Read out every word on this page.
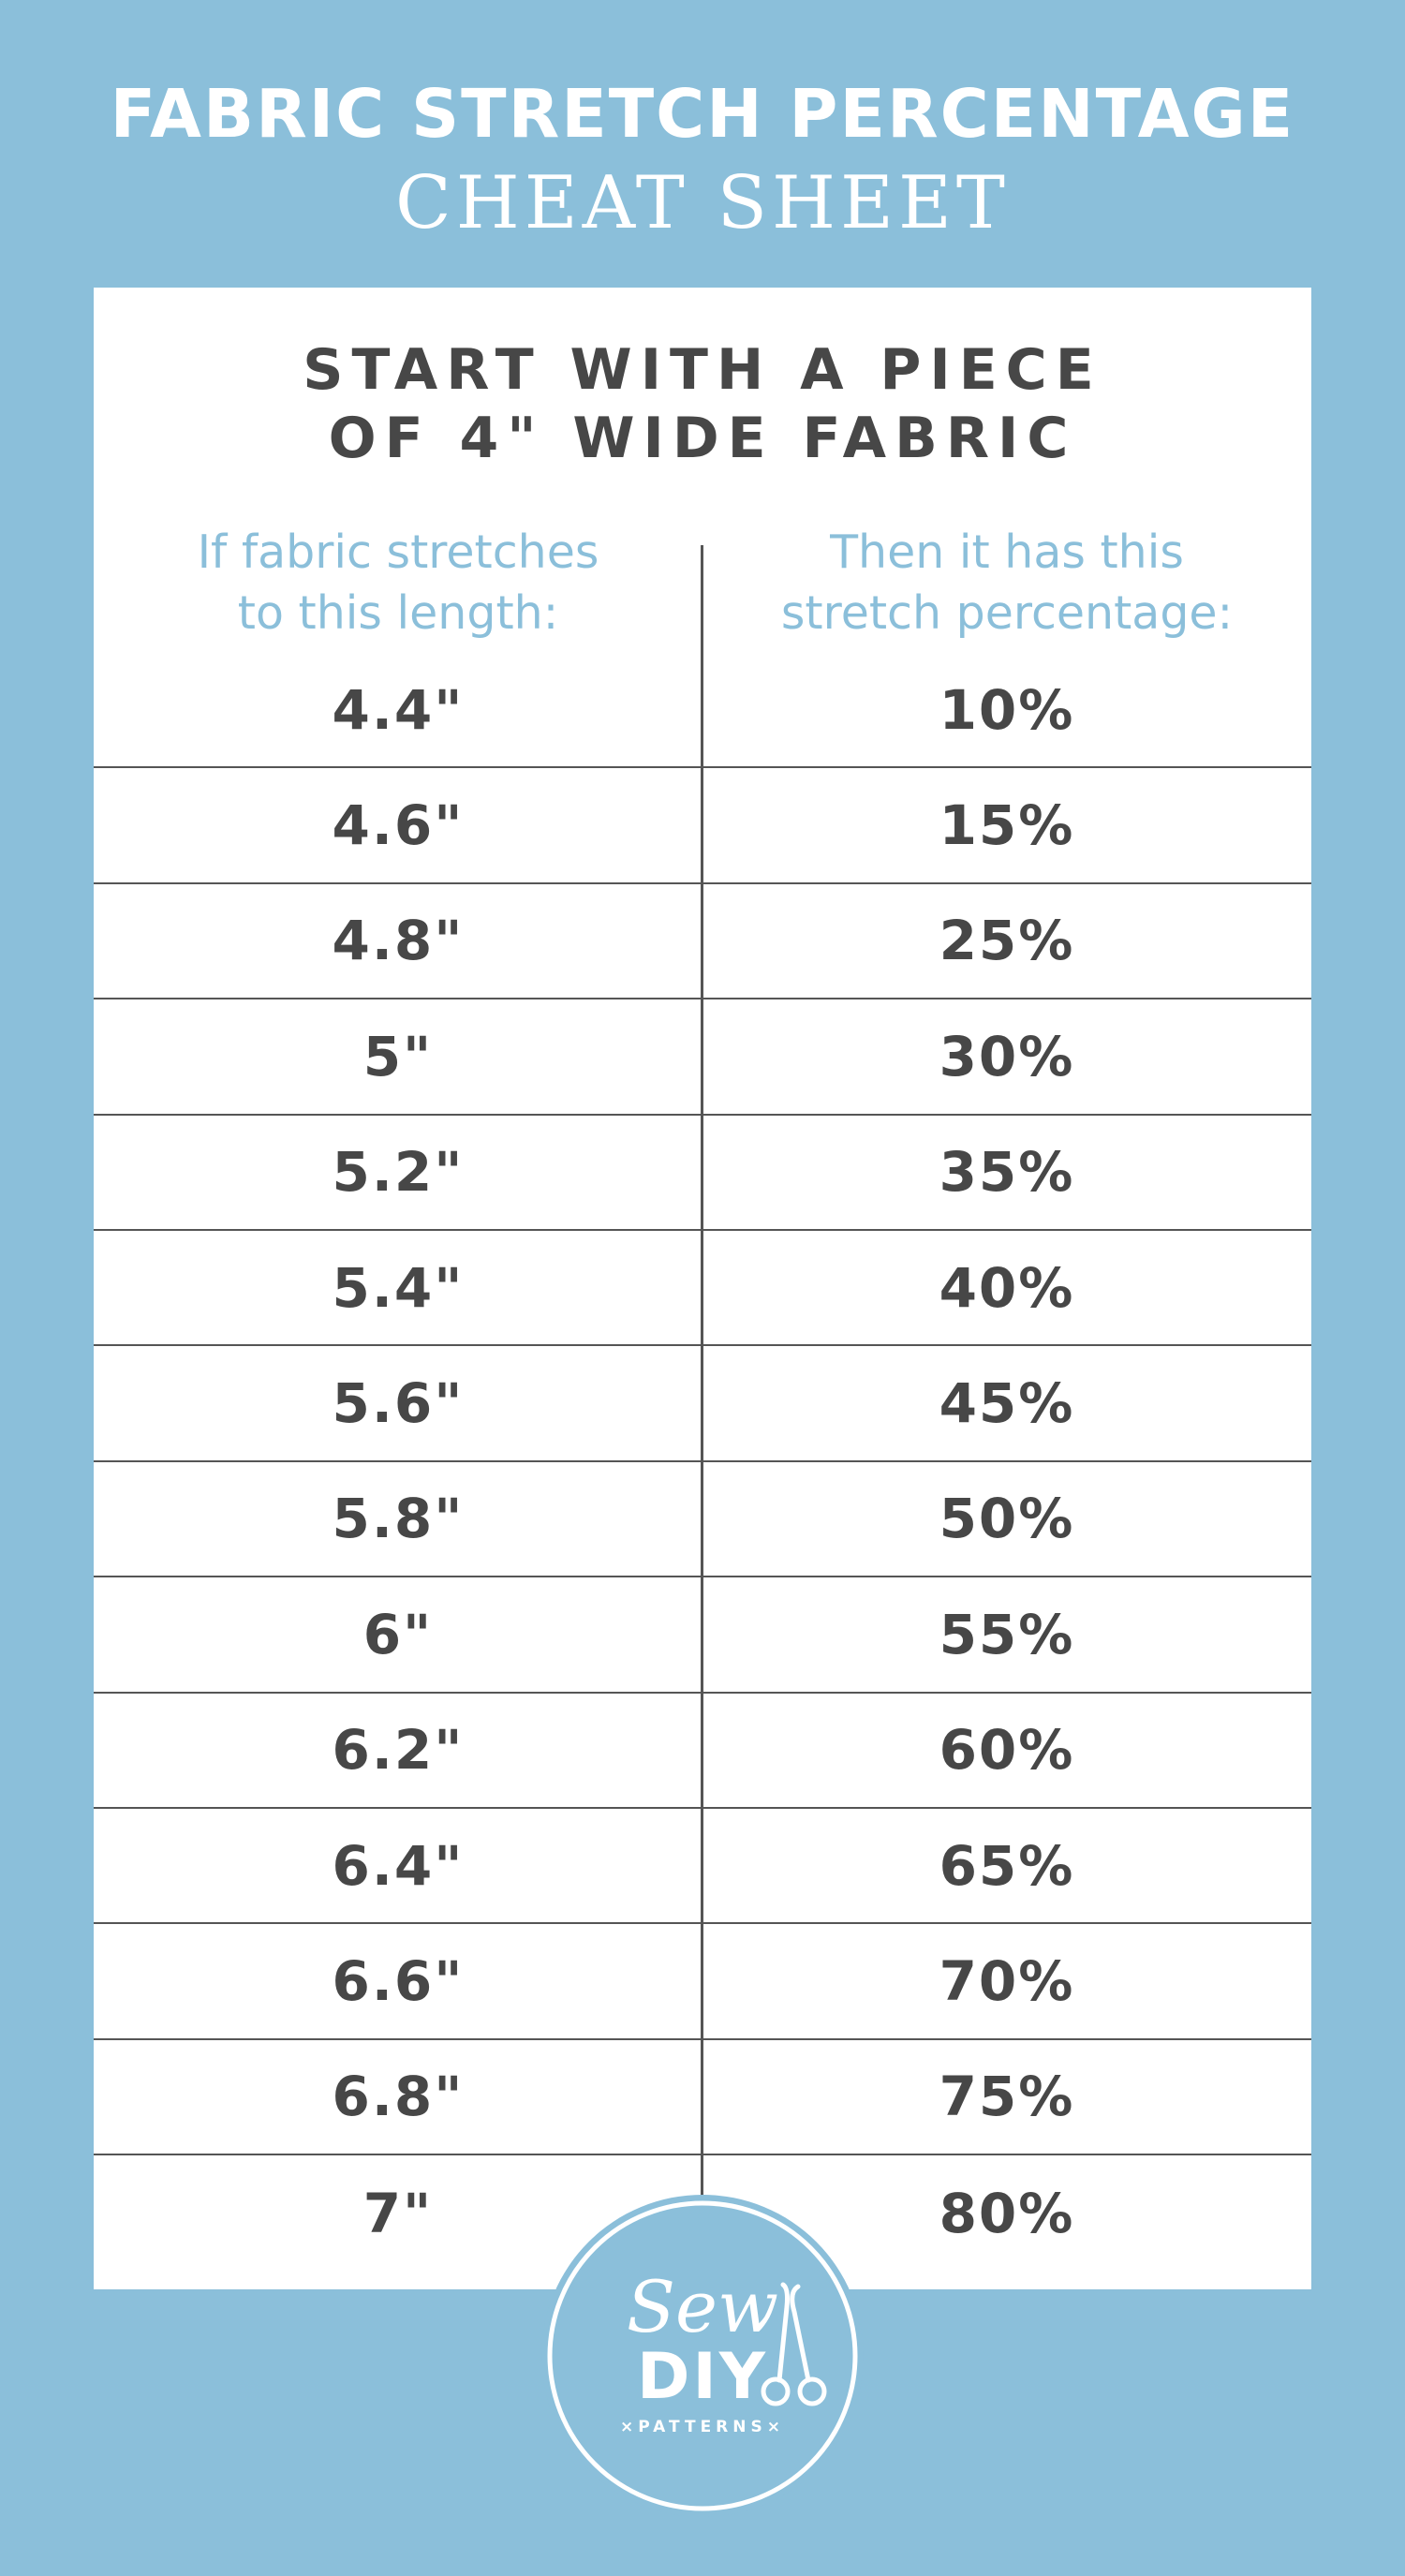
FABRIC STRETCH PERCENTAGE
CHEAT SHEET
START WITH A PIECE
OF 4" WIDE FABRIC
If fabric stretches
to this length:
Then it has this
stretch percentage:
4.4"	10%
4.6"	15%
4.8"	25%
5"	30%
5.2"	35%
5.4"	40%
5.6"	45%
5.8"	50%
6"	55%
6.2"	60%
6.4"	65%
6.6"	70%
6.8"	75%
7"	80%
Sew
DIY
×PATTERNS×
